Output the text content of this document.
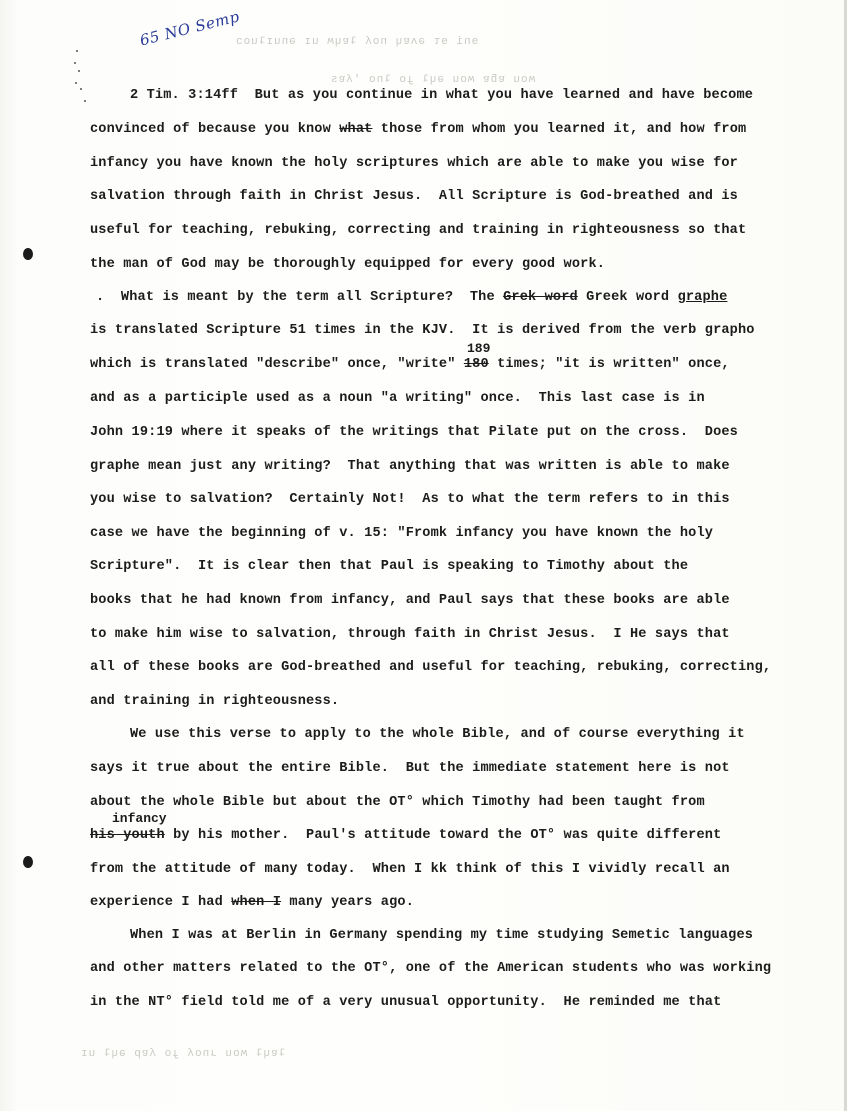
65 NO Semp
ɘni ɘτ ǝʌɐɥ noʎ ʇɐɥʍ uɪ ǝnuɪʇuoɔ
ʍou ɐƃɐ ʍou ǝɥʇ ɟo ʇno 'ʎɐs
ʇɐɥʇ ʍou ɹnoʎ ɟo ʎɐp ǝɥʇ uɪ
2 Tim. 3:14ff  But as you continue in what you have learned and have become
convinced of because you know what those from whom you learned it, and how from
infancy you have known the holy scriptures which are able to make you wise for
salvation through faith in Christ Jesus.  All Scripture is God-breathed and is
useful for teaching, rebuking, correcting and training in righteousness so that
the man of God may be thoroughly equipped for every good work.
.  What is meant by the term all Scripture?  The Grek word Greek word graphe
is translated Scripture 51 times in the KJV.  It is derived from the verb grapho
189
which is translated "describe" once, "write" 180 times; "it is written" once,
and as a participle used as a noun "a writing" once.  This last case is in
John 19:19 where it speaks of the writings that Pilate put on the cross.  Does
graphe mean just any writing?  That anything that was written is able to make
you wise to salvation?  Certainly Not!  As to what the term refers to in this
case we have the beginning of v. 15: "Fromk infancy you have known the holy
Scripture".  It is clear then that Paul is speaking to Timothy about the
books that he had known from infancy, and Paul says that these books are able
to make him wise to salvation, through faith in Christ Jesus.  I He says that
all of these books are God-breathed and useful for teaching, rebuking, correcting,
and training in righteousness.
We use this verse to apply to the whole Bible, and of course everything it
says it true about the entire Bible.  But the immediate statement here is not
about the whole Bible but about the OT° which Timothy had been taught from
infancy
his youth by his mother.  Paul's attitude toward the OT° was quite different
from the attitude of many today.  When I kk think of this I vividly recall an
experience I had when I many years ago.
When I was at Berlin in Germany spending my time studying Semetic languages
and other matters related to the OT°, one of the American students who was working
in the NT° field told me of a very unusual opportunity.  He reminded me that
